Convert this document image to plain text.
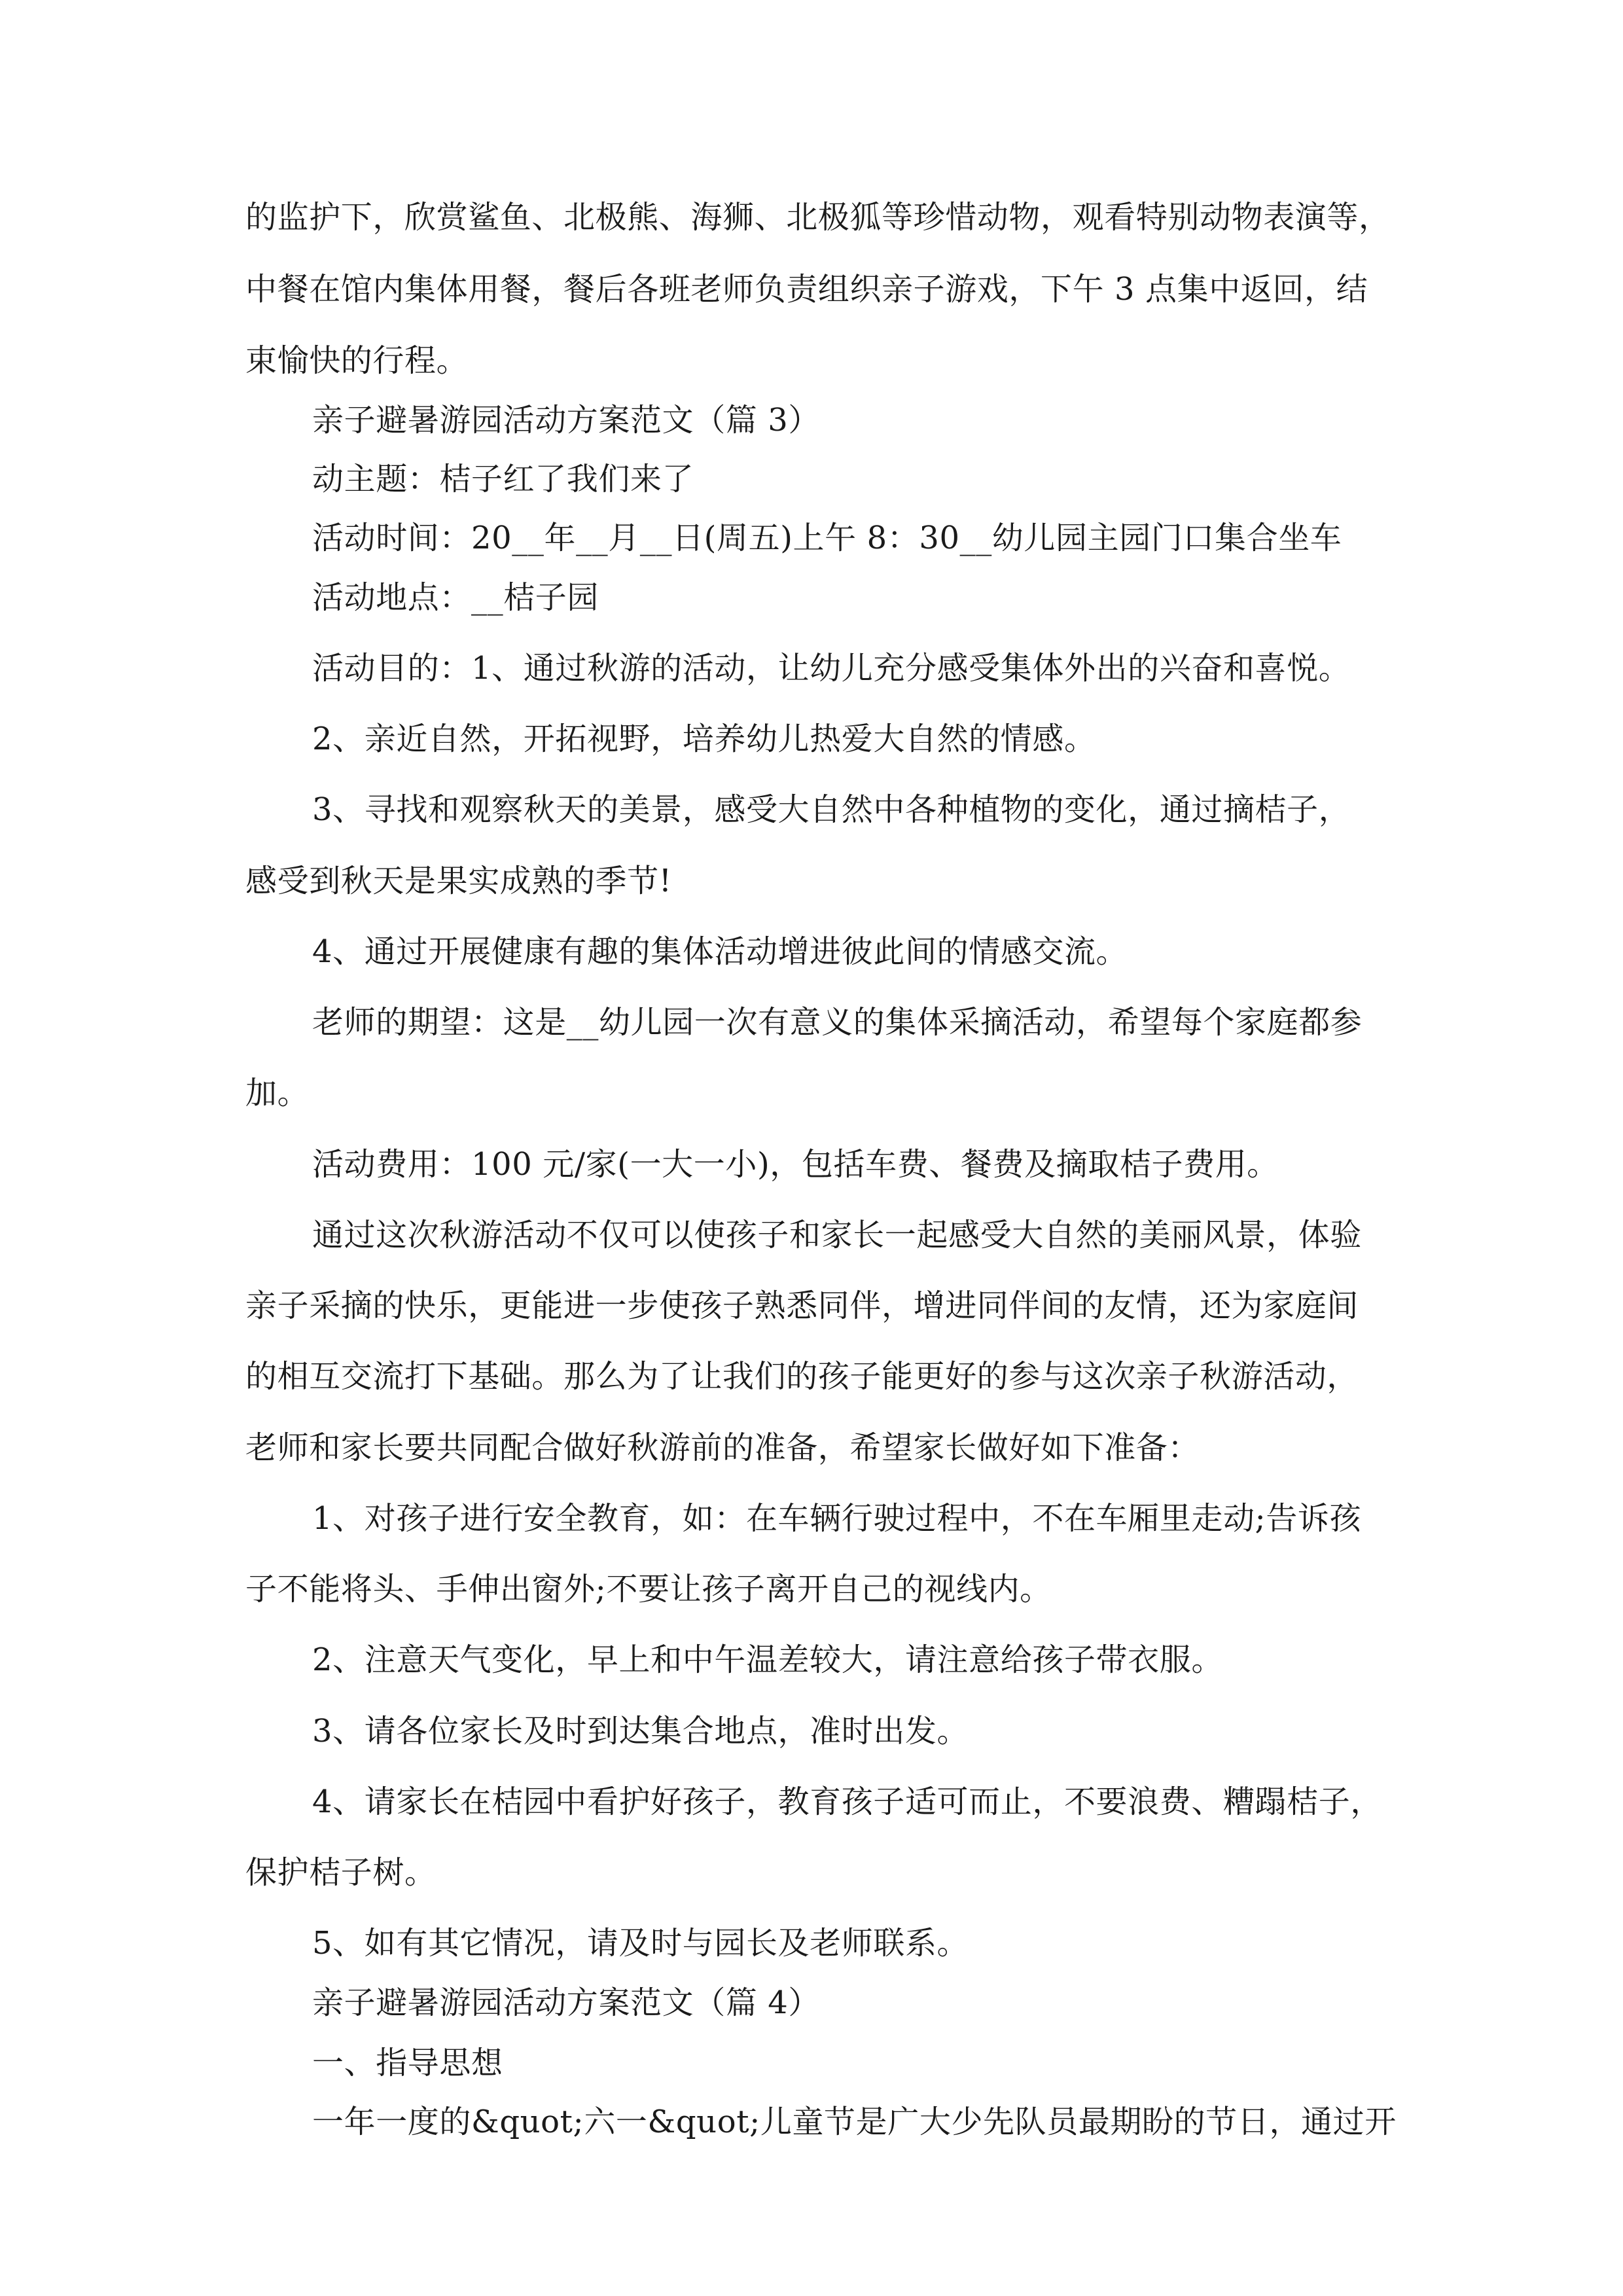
的监护下，欣赏鲨鱼、北极熊、海狮、北极狐等珍惜动物，观看特别动物表演等，
中餐在馆内集体用餐，餐后各班老师负责组织亲子游戏，下午 3 点集中返回，结
束愉快的行程。
亲子避暑游园活动方案范文（篇 3）
动主题：桔子红了我们来了
活动时间：20__年__月__日(周五)上午 8：30__幼儿园主园门口集合坐车
活动地点：__桔子园
活动目的：1、通过秋游的活动，让幼儿充分感受集体外出的兴奋和喜悦。
2、亲近自然，开拓视野，培养幼儿热爱大自然的情感。
3、寻找和观察秋天的美景，感受大自然中各种植物的变化，通过摘桔子，
感受到秋天是果实成熟的季节!
4、通过开展健康有趣的集体活动增进彼此间的情感交流。
老师的期望：这是__幼儿园一次有意义的集体采摘活动，希望每个家庭都参
加。
活动费用：100 元/家(一大一小)，包括车费、餐费及摘取桔子费用。
通过这次秋游活动不仅可以使孩子和家长一起感受大自然的美丽风景，体验
亲子采摘的快乐，更能进一步使孩子熟悉同伴，增进同伴间的友情，还为家庭间
的相互交流打下基础。那么为了让我们的孩子能更好的参与这次亲子秋游活动，
老师和家长要共同配合做好秋游前的准备，希望家长做好如下准备：
1、对孩子进行安全教育，如：在车辆行驶过程中，不在车厢里走动;告诉孩
子不能将头、手伸出窗外;不要让孩子离开自己的视线内。
2、注意天气变化，早上和中午温差较大，请注意给孩子带衣服。
3、请各位家长及时到达集合地点，准时出发。
4、请家长在桔园中看护好孩子，教育孩子适可而止，不要浪费、糟蹋桔子，
保护桔子树。
5、如有其它情况，请及时与园长及老师联系。
亲子避暑游园活动方案范文（篇 4）
一、指导思想
一年一度的&quot;六一&quot;儿童节是广大少先队员最期盼的节日，通过开
